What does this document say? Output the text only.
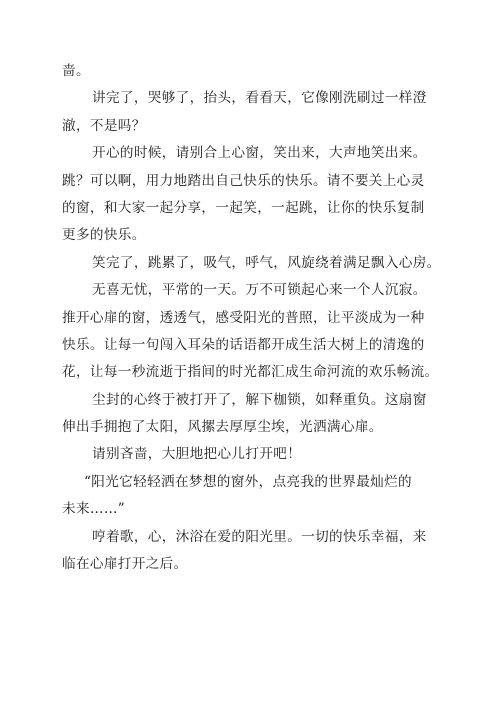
啬。
讲完了，哭够了，抬头，看看天，它像刚洗刷过一样澄
澈，不是吗？
开心的时候，请别合上心窗，笑出来，大声地笑出来。
跳？可以啊，用力地踏出自己快乐的快乐。请不要关上心灵
的窗，和大家一起分享，一起笑，一起跳，让你的快乐复制
更多的快乐。
笑完了，跳累了，吸气，呼气，风旋绕着满足飘入心房。
无喜无忧，平常的一天。万不可锁起心来一个人沉寂。
推开心扉的窗，透透气，感受阳光的普照，让平淡成为一种
快乐。让每一句闯入耳朵的话语都开成生活大树上的清逸的
花，让每一秒流逝于指间的时光都汇成生命河流的欢乐畅流。
尘封的心终于被打开了，解下枷锁，如释重负。这扇窗
伸出手拥抱了太阳，风摞去厚厚尘埃，光洒满心扉。
请别吝啬，大胆地把心儿打开吧！
“阳光它轻轻洒在梦想的窗外，点亮我的世界最灿烂的
未来……”
哼着歌，心，沐浴在爱的阳光里。一切的快乐幸福，来
临在心扉打开之后。
